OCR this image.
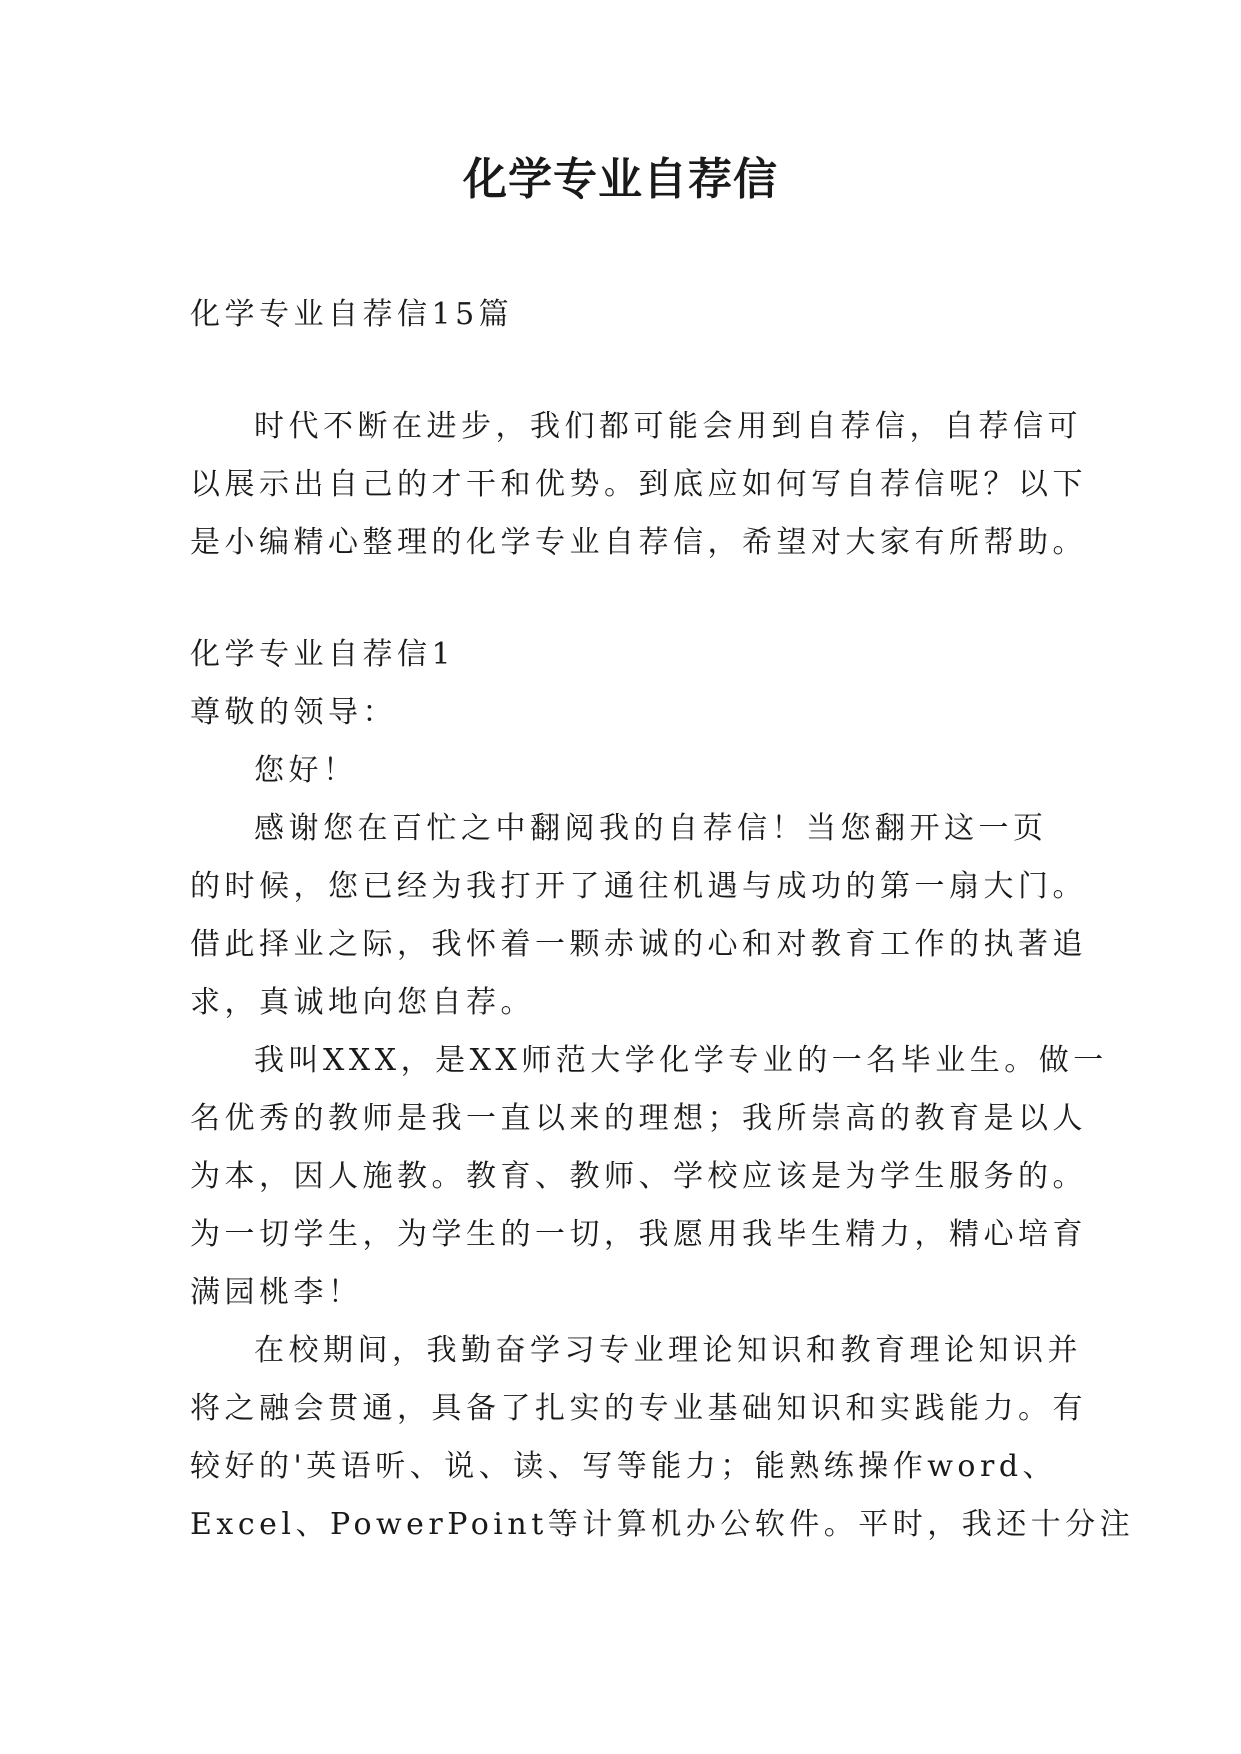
化学专业自荐信
化学专业自荐信15篇
时代不断在进步，我们都可能会用到自荐信，自荐信可
以展示出自己的才干和优势。到底应如何写自荐信呢？以下
是小编精心整理的化学专业自荐信，希望对大家有所帮助。
化学专业自荐信1
尊敬的领导：
您好！
感谢您在百忙之中翻阅我的自荐信！当您翻开这一页
的时候，您已经为我打开了通往机遇与成功的第一扇大门。
借此择业之际，我怀着一颗赤诚的心和对教育工作的执著追
求，真诚地向您自荐。
我叫XXX，是XX师范大学化学专业的一名毕业生。做一
名优秀的教师是我一直以来的理想；我所崇高的教育是以人
为本，因人施教。教育、教师、学校应该是为学生服务的。
为一切学生，为学生的一切，我愿用我毕生精力，精心培育
满园桃李！
在校期间，我勤奋学习专业理论知识和教育理论知识并
将之融会贯通，具备了扎实的专业基础知识和实践能力。有
较好的'英语听、说、读、写等能力；能熟练操作word、
Excel、PowerPoint等计算机办公软件。平时，我还十分注
